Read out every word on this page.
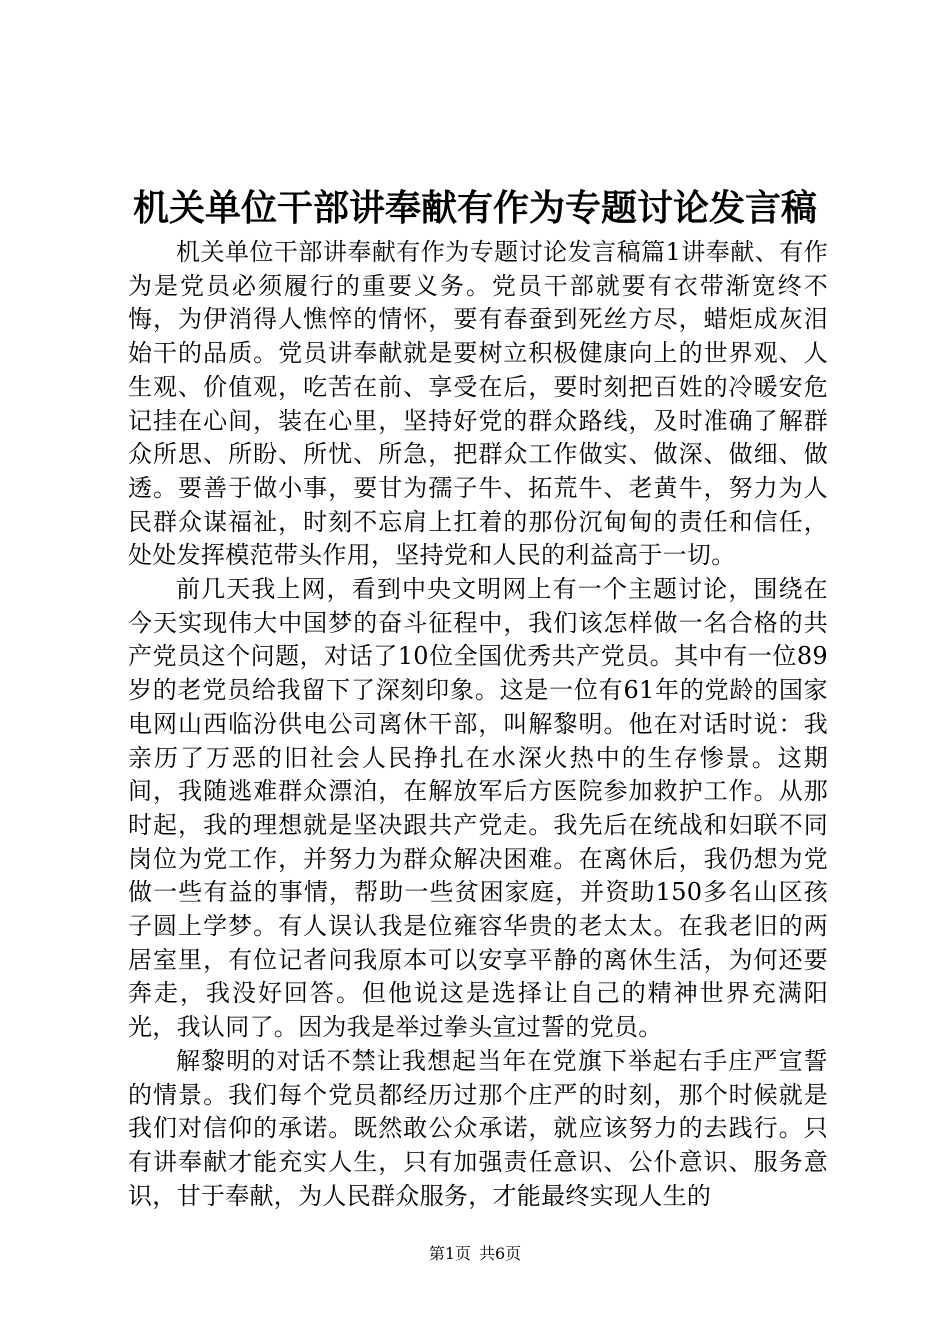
机关单位干部讲奉献有作为专题讨论发言稿

机关单位干部讲奉献有作为专题讨论发言稿篇1讲奉献、有作为是党员必须履行的重要义务。党员干部就要有衣带渐宽终不悔，为伊消得人憔悴的情怀，要有春蚕到死丝方尽，蜡炬成灰泪始干的品质。党员讲奉献就是要树立积极健康向上的世界观、人生观、价值观，吃苦在前、享受在后，要时刻把百姓的冷暖安危记挂在心间，装在心里，坚持好党的群众路线，及时准确了解群众所思、所盼、所忧、所急，把群众工作做实、做深、做细、做透。要善于做小事，要甘为孺子牛、拓荒牛、老黄牛，努力为人民群众谋福祉，时刻不忘肩上扛着的那份沉甸甸的责任和信任，处处发挥模范带头作用，坚持党和人民的利益高于一切。

前几天我上网，看到中央文明网上有一个主题讨论，围绕在今天实现伟大中国梦的奋斗征程中，我们该怎样做一名合格的共产党员这个问题，对话了10位全国优秀共产党员。其中有一位89岁的老党员给我留下了深刻印象。这是一位有61年的党龄的国家电网山西临汾供电公司离休干部，叫解黎明。他在对话时说：我亲历了万恶的旧社会人民挣扎在水深火热中的生存惨景。这期间，我随逃难群众漂泊，在解放军后方医院参加救护工作。从那时起，我的理想就是坚决跟共产党走。我先后在统战和妇联不同岗位为党工作，并努力为群众解决困难。在离休后，我仍想为党做一些有益的事情，帮助一些贫困家庭，并资助150多名山区孩子圆上学梦。有人误认我是位雍容华贵的老太太。在我老旧的两居室里，有位记者问我原本可以安享平静的离休生活，为何还要奔走，我没好回答。但他说这是选择让自己的精神世界充满阳光，我认同了。因为我是举过拳头宣过誓的党员。

解黎明的对话不禁让我想起当年在党旗下举起右手庄严宣誓的情景。我们每个党员都经历过那个庄严的时刻，那个时候就是我们对信仰的承诺。既然敢公众承诺，就应该努力的去践行。只有讲奉献才能充实人生，只有加强责任意识、公仆意识、服务意识，甘于奉献，为人民群众服务，才能最终实现人生的

第1页 共6页
